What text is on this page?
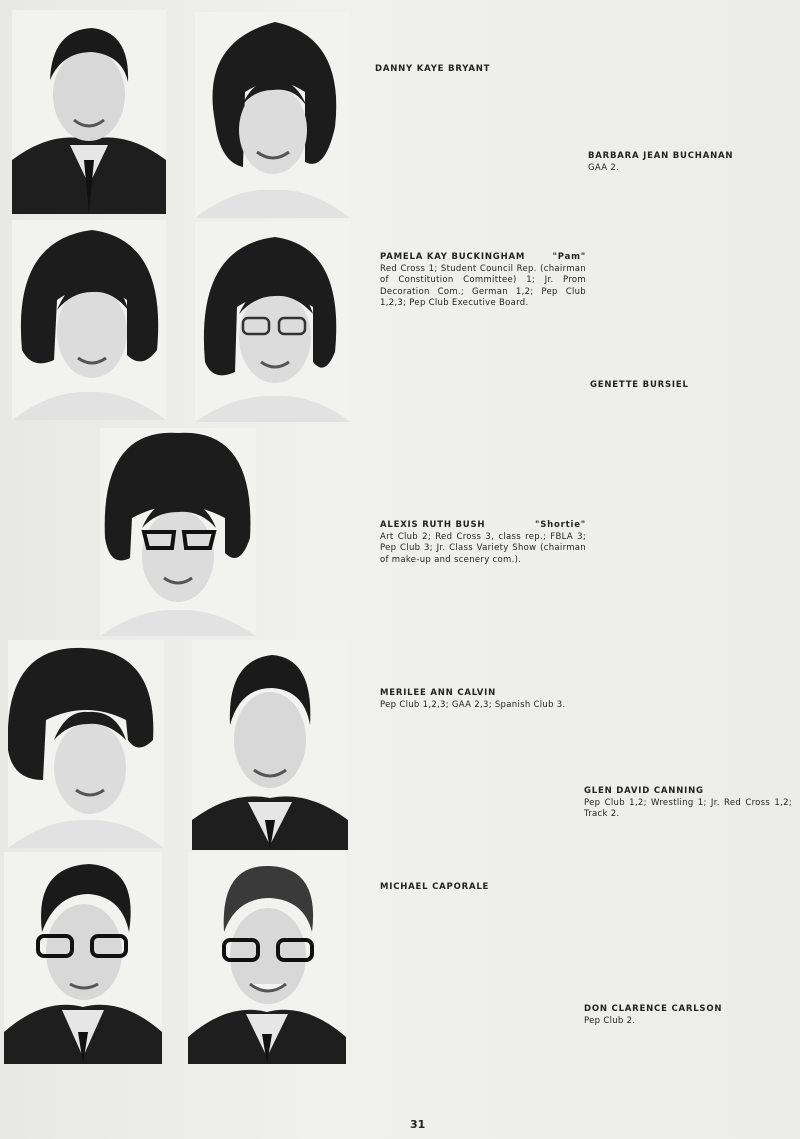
DANNY KAYE BRYANT
BARBARA JEAN BUCHANAN
GAA 2.
PAMELA KAY BUCKINGHAM	"Pam"
Red Cross 1; Student Council Rep. (chairman of Constitution Committee) 1; Jr. Prom Decoration Com.; German 1,2; Pep Club 1,2,3; Pep Club Executive Board.
GENETTE BURSIEL
ALEXIS RUTH BUSH	"Shortie"
Art Club 2; Red Cross 3, class rep.; FBLA 3; Pep Club 3; Jr. Class Variety Show (chairman of make-up and scenery com.).
MERILEE ANN CALVIN
Pep Club 1,2,3; GAA 2,3; Spanish Club 3.
GLEN DAVID CANNING
Pep Club 1,2; Wrestling 1; Jr. Red Cross 1,2; Track 2.
MICHAEL CAPORALE
DON CLARENCE CARLSON
Pep Club 2.
31
